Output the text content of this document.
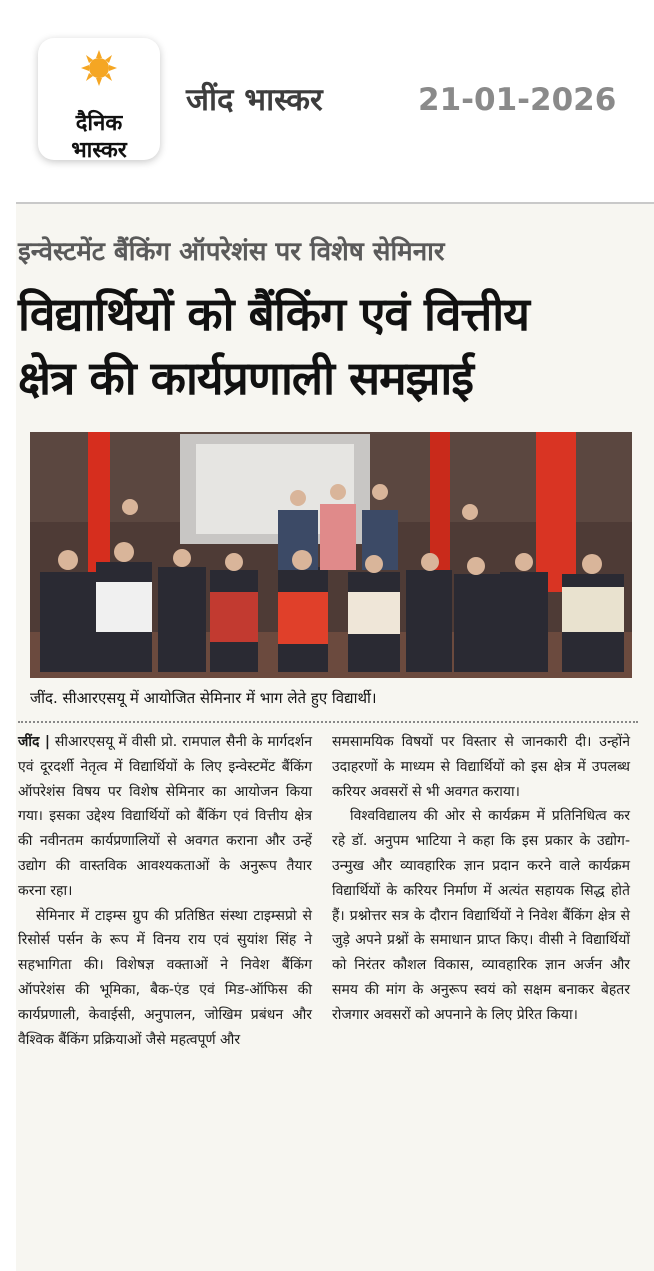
दैनिक
भास्कर
जींद भास्कर	21-01-2026
इन्वेस्टमेंट बैंकिंग ऑपरेशंस पर विशेष सेमिनार
विद्यार्थियों को बैंकिंग एवं वित्तीय
क्षेत्र की कार्यप्रणाली समझाई
जींद. सीआरएसयू में आयोजित सेमिनार में भाग लेते हुए विद्यार्थी।

जींद | सीआरएसयू में वीसी प्रो. रामपाल सैनी के मार्गदर्शन एवं दूरदर्शी नेतृत्व में विद्यार्थियों के लिए इन्वेस्टमेंट बैंकिंग ऑपरेशंस विषय पर विशेष सेमिनार का आयोजन किया गया। इसका उद्देश्य विद्यार्थियों को बैंकिंग एवं वित्तीय क्षेत्र की नवीनतम कार्यप्रणालियों से अवगत कराना और उन्हें उद्योग की वास्तविक आवश्यकताओं के अनुरूप तैयार करना रहा।

सेमिनार में टाइम्स ग्रुप की प्रतिष्ठित संस्था टाइम्सप्रो से रिसोर्स पर्सन के रूप में विनय राय एवं सुयांश सिंह ने सहभागिता की। विशेषज्ञ वक्ताओं ने निवेश बैंकिंग ऑपरेशंस की भूमिका, बैक-एंड एवं मिड-ऑफिस की कार्यप्रणाली, केवाईसी, अनुपालन, जोखिम प्रबंधन और वैश्विक बैंकिंग प्रक्रियाओं जैसे महत्वपूर्ण और

समसामयिक विषयों पर विस्तार से जानकारी दी। उन्होंने उदाहरणों के माध्यम से विद्यार्थियों को इस क्षेत्र में उपलब्ध करियर अवसरों से भी अवगत कराया।

विश्वविद्यालय की ओर से कार्यक्रम में प्रतिनिधित्व कर रहे डॉ. अनुपम भाटिया ने कहा कि इस प्रकार के उद्योग-उन्मुख और व्यावहारिक ज्ञान प्रदान करने वाले कार्यक्रम विद्यार्थियों के करियर निर्माण में अत्यंत सहायक सिद्ध होते हैं। प्रश्नोत्तर सत्र के दौरान विद्यार्थियों ने निवेश बैंकिंग क्षेत्र से जुड़े अपने प्रश्नों के समाधान प्राप्त किए। वीसी ने विद्यार्थियों को निरंतर कौशल विकास, व्यावहारिक ज्ञान अर्जन और समय की मांग के अनुरूप स्वयं को सक्षम बनाकर बेहतर रोजगार अवसरों को अपनाने के लिए प्रेरित किया।
